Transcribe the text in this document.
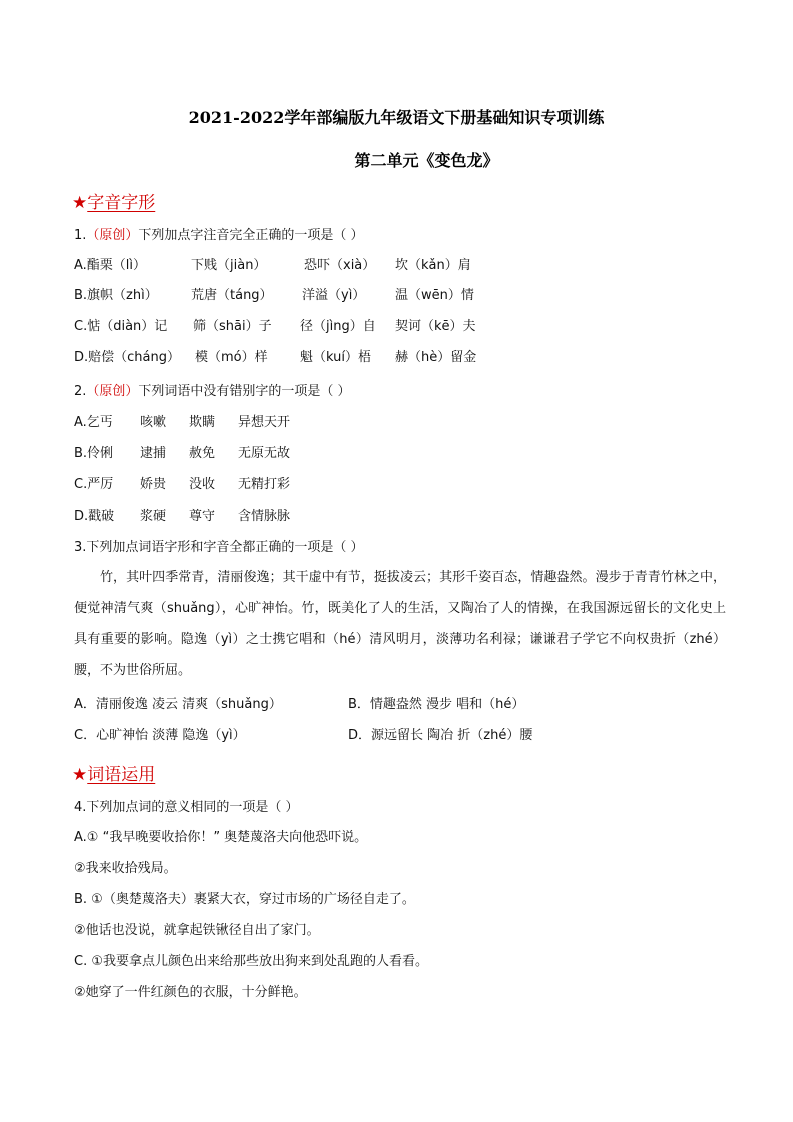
2021-2022学年部编版九年级语文下册基础知识专项训练
第二单元《变色龙》
★字音字形
1.（原创）下列加点字注音完全正确的一项是（ ）
A.酯栗（lì）	下贱（jiàn）	恐吓（xià） 坎（kǎn）肩
B.旗帜（zhì）	荒唐（táng） 洋溢（yì） 温（wēn）情
C.惦（diàn）记 筛（shāi）子 径（jìng）自 契诃（kē）夫
D.赔偿（cháng） 模（mó）样 魁（kuí）梧 赫（hè）留金
2.（原创）下列词语中没有错别字的一项是（ ）
A.乞丐 咳嗽 欺瞒 异想天开
B.伶俐 逮捕 赦免 无原无故
C.严厉 娇贵 没收 无精打彩
D.戳破 浆硬 尊守 含情脉脉
3.下列加点词语字形和字音全都正确的一项是（ ）
竹，其叶四季常青，清丽俊逸；其干虚中有节，挺拔凌云；其形千姿百态，情趣盎然。漫步于青青竹林之中，便觉神清气爽（shuǎng），心旷神怡。竹，既美化了人的生活，又陶冶了人的情操，在我国源远留长的文化史上具有重要的影响。隐逸（yì）之士携它唱和（hé）清风明月，淡薄功名利禄；谦谦君子学它不向权贵折（zhé）腰，不为世俗所屈。
A．清丽俊逸 凌云 清爽（shuǎng）	B．情趣盎然 漫步 唱和（hé）
C．心旷神怡 淡薄 隐逸（yì）	D．源远留长 陶冶 折（zhé）腰
★词语运用
4.下列加点词的意义相同的一项是（ ）
A.① “我早晚要收拾你！” 奥楚蔑洛夫向他恐吓说。
②我来收拾残局。
B. ①（奥楚蔑洛夫）裹紧大衣，穿过市场的广场径自走了。
②他话也没说，就拿起铁锹径自出了家门。
C. ①我要拿点儿颜色出来给那些放出狗来到处乱跑的人看看。
②她穿了一件红颜色的衣服，十分鲜艳。
